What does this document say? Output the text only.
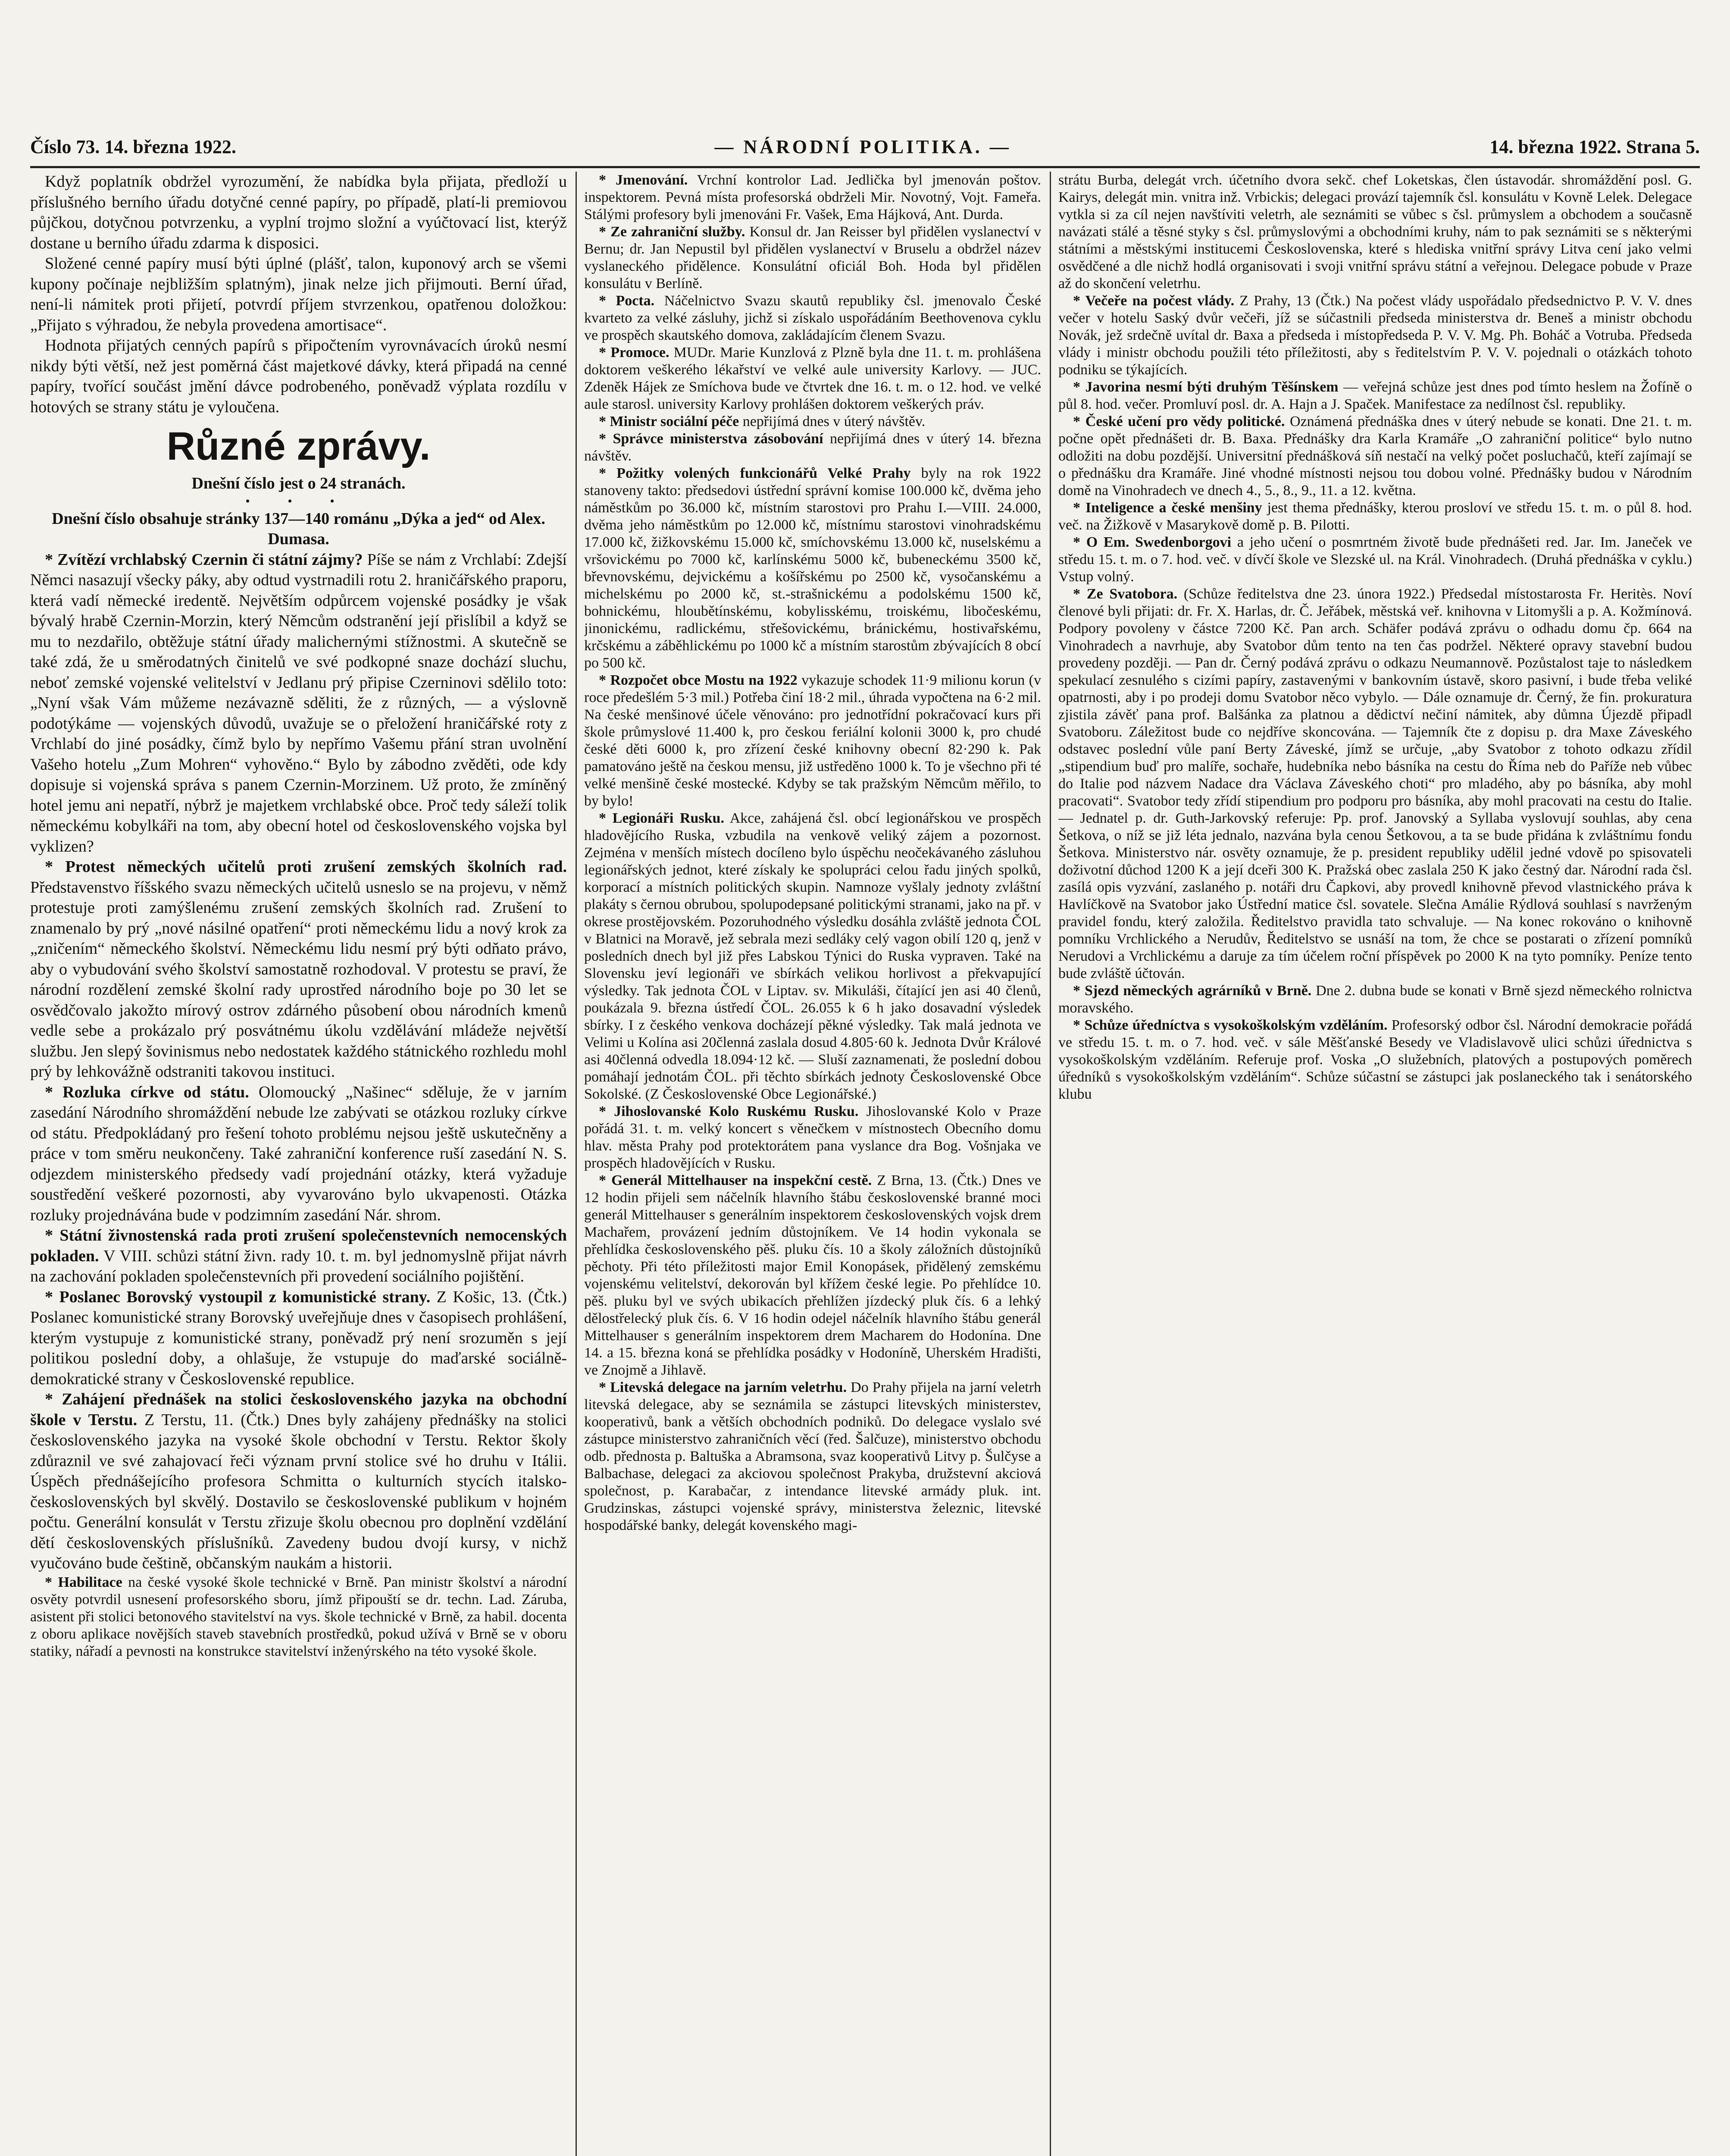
Číslo 73. 14. března 1922.	— NÁRODNÍ POLITIKA. —	14. března 1922. Strana 5.

Když poplatník obdržel vyrozumění, že nabídka byla přijata, předloží u příslušného berního úřadu dotyčné cenné papíry, po případě, platí-li premiovou půjčkou, dotyčnou potvrzenku, a vyplní trojmo složní a vyúčtovací list, kterýž dostane u berního úřadu zdarma k disposici.

Složené cenné papíry musí býti úplné (plášť, talon, kuponový arch se všemi kupony počínaje nejbližším splatným), jinak nelze jich přijmouti. Berní úřad, není-li námitek proti přijetí, potvrdí příjem stvrzenkou, opatřenou doložkou: „Přijato s výhradou, že nebyla provedena amortisace“.

Hodnota přijatých cenných papírů s připočtením vyrovnávacích úroků nesmí nikdy býti větší, než jest poměrná část majetkové dávky, která připadá na cenné papíry, tvořící součást jmění dávce podrobeného, poněvadž výplata rozdílu v hotových se strany státu je vyloučena.

Různé zprávy.

Dnešní číslo jest o 24 stranách.

• • •

Dnešní číslo obsahuje stránky 137—140 románu „Dýka a jed“ od Alex. Dumasa.

* Zvítězí vrchlabský Czernin či státní zájmy? Píše se nám z Vrchlabí: Zdejší Němci nasazují všecky páky, aby odtud vystrnadili rotu 2. hraničářského praporu, která vadí německé iredentě. Největším odpůrcem vojenské posádky je však bývalý hrabě Czernin-Morzin, který Němcům odstranění její přislíbil a když se mu to nezdařilo, obtěžuje státní úřady malichernými stížnostmi. A skutečně se také zdá, že u směrodatných činitelů ve své podkopné snaze dochází sluchu, neboť zemské vojenské velitelství v Jedlanu prý připise Czerninovi sdělilo toto: „Nyní však Vám můžeme nezávazně sděliti, že z různých, — a výslovně podotýkáme — vojenských důvodů, uvažuje se o přeložení hraničářské roty z Vrchlabí do jiné posádky, čímž bylo by nepřímo Vašemu přání stran uvolnění Vašeho hotelu „Zum Mohren“ vyhověno.“ Bylo by zábodno zvěděti, ode kdy dopisuje si vojenská správa s panem Czernin-Morzinem. Už proto, že zmíněný hotel jemu ani nepatří, nýbrž je majetkem vrchlabské obce. Proč tedy sáleží tolik německému kobylkáři na tom, aby obecní hotel od československého vojska byl vyklizen?

* Protest německých učitelů proti zrušení zemských školních rad. Představenstvo říšského svazu německých učitelů usneslo se na projevu, v němž protestuje proti zamýšlenému zrušení zemských školních rad. Zrušení to znamenalo by prý „nové násilné opatření“ proti německému lidu a nový krok za „zničením“ německého školství. Německému lidu nesmí prý býti odňato právo, aby o vybudování svého školství samostatně rozhodoval. V protestu se praví, že národní rozdělení zemské školní rady uprostřed národního boje po 30 let se osvědčovalo jakožto mírový ostrov zdárného působení obou národních kmenů vedle sebe a prokázalo prý posvátnému úkolu vzdělávání mládeže největší službu. Jen slepý šovinismus nebo nedostatek každého státnického rozhledu mohl prý by lehkovážně odstraniti takovou instituci.

* Rozluka církve od státu. Olomoucký „Našinec“ sděluje, že v jarním zasedání Národního shromáždění nebude lze zabývati se otázkou rozluky církve od státu. Předpokládaný pro řešení tohoto problému nejsou ještě uskutečněny a práce v tom směru neukončeny. Také zahraniční konference ruší zasedání N. S. odjezdem ministerského předsedy vadí projednání otázky, která vyžaduje soustředění veškeré pozornosti, aby vyvarováno bylo ukvapenosti. Otázka rozluky projednávána bude v podzimním zasedání Nár. shrom.

* Státní živnostenská rada proti zrušení společenstevních nemocenských pokladen. V VIII. schůzi státní živn. rady 10. t. m. byl jednomyslně přijat návrh na zachování pokladen společenstevních při provedení sociálního pojištění.

* Poslanec Borovský vystoupil z komunistické strany. Z Košic, 13. (Čtk.) Poslanec komunistické strany Borovský uveřejňuje dnes v časopisech prohlášení, kterým vystupuje z komunistické strany, poněvadž prý není srozuměn s její politikou poslední doby, a ohlašuje, že vstupuje do maďarské sociálně-demokratické strany v Československé republice.

* Zahájení přednášek na stolici československého jazyka na obchodní škole v Terstu. Z Terstu, 11. (Čtk.) Dnes byly zahájeny přednášky na stolici československého jazyka na vysoké škole obchodní v Terstu. Rektor školy zdůraznil ve své zahajovací řeči význam první stolice své ho druhu v Itálii. Úspěch přednášejícího profesora Schmitta o kulturních stycích italsko-československých byl skvělý. Dostavilo se československé publikum v hojném počtu. Generální konsulát v Terstu zřizuje školu obecnou pro doplnění vzdělání dětí československých příslušníků. Zavedeny budou dvojí kursy, v nichž vyučováno bude češtině, občanským naukám a historii.

* Habilitace na české vysoké škole technické v Brně. Pan ministr školství a národní osvěty potvrdil usnesení profesorského sboru, jímž připouští se dr. techn. Lad. Záruba, asistent při stolici betonového stavitelství na vys. škole technické v Brně, za habil. docenta z oboru aplikace novějších staveb stavebních prostředků, pokud užívá v Brně se v oboru statiky, nářadí a pevnosti na konstrukce stavitelství inženýrského na této vysoké škole.

* Jmenování. Vrchní kontrolor Lad. Jedlička byl jmenován poštov. inspektorem. Pevná místa profesorská obdrželi Mir. Novotný, Vojt. Fameřa. Stálými profesory byli jmenováni Fr. Vašek, Ema Hájková, Ant. Durda.

* Ze zahraniční služby. Konsul dr. Jan Reisser byl přidělen vyslanectví v Bernu; dr. Jan Nepustil byl přidělen vyslanectví v Bruselu a obdržel název vyslaneckého přidělence. Konsulátní oficiál Boh. Hoda byl přidělen konsulátu v Berlíně.

* Pocta. Náčelnictvo Svazu skautů republiky čsl. jmenovalo České kvarteto za velké zásluhy, jichž si získalo uspořádáním Beethovenova cyklu ve prospěch skautského domova, zakládajícím členem Svazu.

* Promoce. MUDr. Marie Kunzlová z Plzně byla dne 11. t. m. prohlášena doktorem veškerého lékařství ve velké aule university Karlovy. — JUC. Zdeněk Hájek ze Smíchova bude ve čtvrtek dne 16. t. m. o 12. hod. ve velké aule starosl. university Karlovy prohlášen doktorem veškerých práv.

* Ministr sociální péče nepřijímá dnes v úterý návštěv.

* Správce ministerstva zásobování nepřijímá dnes v úterý 14. března návštěv.

* Požitky volených funkcionářů Velké Prahy byly na rok 1922 stanoveny takto: předsedovi ústřední správní komise 100.000 kč, dvěma jeho náměstkům po 36.000 kč, místním starostovi pro Prahu I.—VIII. 24.000, dvěma jeho náměstkům po 12.000 kč, místnímu starostovi vinohradskému 17.000 kč, žižkovskému 15.000 kč, smíchovskému 13.000 kč, nuselskému a vršovickému po 7000 kč, karlínskému 5000 kč, bubeneckému 3500 kč, břevnovskému, dejvickému a košířskému po 2500 kč, vysočanskému a michelskému po 2000 kč, st.-strašnickému a podolskému 1500 kč, bohnickému, hloubětínskému, kobylisskému, troiskému, libočeskému, jinonickému, radlickému, střešovickému, bránickému, hostivařskému, krčskému a záběhlickému po 1000 kč a místním starostům zbývajících 8 obcí po 500 kč.

* Rozpočet obce Mostu na 1922 vykazuje schodek 11·9 milionu korun (v roce předešlém 5·3 mil.) Potřeba činí 18·2 mil., úhrada vypočtena na 6·2 mil. Na české menšinové účele věnováno: pro jednotřídní pokračovací kurs při škole průmyslové 11.400 k, pro českou feriální kolonii 3000 k, pro chudé české děti 6000 k, pro zřízení české knihovny obecní 82·290 k. Pak pamatováno ještě na českou mensu, již ustředěno 1000 k. To je všechno při té velké menšině české mostecké. Kdyby se tak pražským Němcům měřilo, to by bylo!

* Legionáři Rusku. Akce, zahájená čsl. obcí legionářskou ve prospěch hladovějícího Ruska, vzbudila na venkově veliký zájem a pozornost. Zejména v menších místech docíleno bylo úspěchu neočekávaného zásluhou legionářských jednot, které získaly ke spolupráci celou řadu jiných spolků, korporací a místních politických skupin. Namnoze vyšlaly jednoty zvláštní plakáty s černou obrubou, spolupodepsané politickými stranami, jako na př. v okrese prostějovském. Pozoruhodného výsledku dosáhla zvláště jednota ČOL v Blatnici na Moravě, jež sebrala mezi sedláky celý vagon obilí 120 q, jenž v posledních dnech byl již přes Labskou Týnici do Ruska vypraven. Také na Slovensku jeví legionáři ve sbírkách velikou horlivost a překvapující výsledky. Tak jednota ČOL v Liptav. sv. Mikuláši, čítající jen asi 40 členů, poukázala 9. března ústředí ČOL. 26.055 k 6 h jako dosavadní výsledek sbírky. I z českého venkova docházejí pěkné výsledky. Tak malá jednota ve Velimi u Kolína asi 20členná zaslala dosud 4.805·60 k. Jednota Dvůr Králové asi 40členná odvedla 18.094·12 kč. — Sluší zaznamenati, že poslední dobou pomáhají jednotám ČOL. při těchto sbírkách jednoty Československé Obce Sokolské. (Z Československé Obce Legionářské.)

* Jihoslovanské Kolo Ruskému Rusku. Jihoslovanské Kolo v Praze pořádá 31. t. m. velký koncert s věnečkem v místnostech Obecního domu hlav. města Prahy pod protektorátem pana vyslance dra Bog. Vošnjaka ve prospěch hladovějících v Rusku.

* Generál Mittelhauser na inspekční cestě. Z Brna, 13. (Čtk.) Dnes ve 12 hodin přijeli sem náčelník hlavního štábu československé branné moci generál Mittelhauser s generálním inspektorem československých vojsk drem Machařem, provázení jedním důstojníkem. Ve 14 hodin vykonala se přehlídka československého pěš. pluku čís. 10 a školy záložních důstojníků pěchoty. Při této příležitosti major Emil Konopásek, přidělený zemskému vojenskému velitelství, dekorován byl křížem české legie. Po přehlídce 10. pěš. pluku byl ve svých ubikacích přehlížen jízdecký pluk čís. 6 a lehký dělostřelecký pluk čís. 6. V 16 hodin odejel náčelník hlavního štábu generál Mittelhauser s generálním inspektorem drem Macharem do Hodonína. Dne 14. a 15. března koná se přehlídka posádky v Hodoníně, Uherském Hradišti, ve Znojmě a Jihlavě.

* Litevská delegace na jarním veletrhu. Do Prahy přijela na jarní veletrh litevská delegace, aby se seznámila se zástupci litevských ministerstev, kooperativů, bank a větších obchodních podniků. Do delegace vyslalo své zástupce ministerstvo zahraničních věcí (řed. Šalčuze), ministerstvo obchodu odb. přednosta p. Baltuška a Abramsona, svaz kooperativů Litvy p. Šulčyse a Balbachase, delegaci za akciovou společnost Prakyba, družstevní akciová společnost, p. Karabačar, z intendance litevské armády pluk. int. Grudzinskas, zástupci vojenské správy, ministerstva železnic, litevské hospodářské banky, delegát kovenského magi-

strátu Burba, delegát vrch. účetního dvora sekč. chef Loketskas, člen ústavodár. shromáždění posl. G. Kairys, delegát min. vnitra inž. Vrbickis; delegaci provází tajemník čsl. konsulátu v Kovně Lelek. Delegace vytkla si za cíl nejen navštíviti veletrh, ale seznámiti se vůbec s čsl. průmyslem a obchodem a současně navázati stálé a těsné styky s čsl. průmyslovými a obchodními kruhy, nám to pak seznámiti se s některými státními a městskými institucemi Československa, které s hlediska vnitřní správy Litva cení jako velmi osvědčené a dle nichž hodlá organisovati i svoji vnitřní správu státní a veřejnou. Delegace pobude v Praze až do skončení veletrhu.

* Večeře na počest vlády. Z Prahy, 13 (Čtk.) Na počest vlády uspořádalo předsednictvo P. V. V. dnes večer v hotelu Saský dvůr večeři, jíž se súčastnili předseda ministerstva dr. Beneš a ministr obchodu Novák, jež srdečně uvítal dr. Baxa a předseda i místopředseda P. V. V. Mg. Ph. Boháč a Votruba. Předseda vlády i ministr obchodu použili této příležitosti, aby s ředitelstvím P. V. V. pojednali o otázkách tohoto podniku se týkajících.

* Javorina nesmí býti druhým Těšínskem — veřejná schůze jest dnes pod tímto heslem na Žofíně o půl 8. hod. večer. Promluví posl. dr. A. Hajn a J. Spaček. Manifestace za nedílnost čsl. republiky.

* České učení pro vědy politické. Oznámená přednáška dnes v úterý nebude se konati. Dne 21. t. m. počne opět přednášeti dr. B. Baxa. Přednášky dra Karla Kramáře „O zahraniční politice“ bylo nutno odložiti na dobu pozdější. Universitní přednášková síň nestačí na velký počet posluchačů, kteří zajímají se o přednášku dra Kramáře. Jiné vhodné místnosti nejsou tou dobou volné. Přednášky budou v Národním domě na Vinohradech ve dnech 4., 5., 8., 9., 11. a 12. května.

* Inteligence a české menšiny jest thema přednášky, kterou prosloví ve středu 15. t. m. o půl 8. hod. več. na Žižkově v Masarykově domě p. B. Pilotti.

* O Em. Swedenborgovi a jeho učení o posmrtném životě bude přednášeti red. Jar. Im. Janeček ve středu 15. t. m. o 7. hod. več. v dívčí škole ve Slezské ul. na Král. Vinohradech. (Druhá přednáška v cyklu.) Vstup volný.

* Ze Svatobora. (Schůze ředitelstva dne 23. února 1922.) Předsedal místostarosta Fr. Heritès. Noví členové byli přijati: dr. Fr. X. Harlas, dr. Č. Jeřábek, městská veř. knihovna v Litomyšli a p. A. Kožmínová. Podpory povoleny v částce 7200 Kč. Pan arch. Schäfer podává zprávu o odhadu domu čp. 664 na Vinohradech a navrhuje, aby Svatobor dům tento na ten čas podržel. Některé opravy stavební budou provedeny později. — Pan dr. Černý podává zprávu o odkazu Neumannově. Pozůstalost taje to následkem spekulací zesnulého s cizími papíry, zastavenými v bankovním ústavě, skoro pasivní, i bude třeba veliké opatrnosti, aby i po prodeji domu Svatobor něco vybylo. — Dále oznamuje dr. Černý, že fin. prokuratura zjistila závěť pana prof. Balšánka za platnou a dědictví nečiní námitek, aby důmna Újezdě připadl Svatoboru. Záležitost bude co nejdříve skoncována. — Tajemník čte z dopisu p. dra Maxe Záveského odstavec poslední vůle paní Berty Záveské, jímž se určuje, „aby Svatobor z tohoto odkazu zřídil „stipendium buď pro malíře, sochaře, hudebníka nebo básníka na cestu do Říma neb do Paříže neb vůbec do Italie pod názvem Nadace dra Václava Záveského choti“ pro mladého, aby po básníka, aby mohl pracovati“. Svatobor tedy zřídí stipendium pro podporu pro básníka, aby mohl pracovati na cestu do Italie. — Jednatel p. dr. Guth-Jarkovský referuje: Pp. prof. Janovský a Syllaba vyslovují souhlas, aby cena Šetkova, o níž se již léta jednalo, nazvána byla cenou Šetkovou, a ta se bude přidána k zvláštnímu fondu Šetkova. Ministerstvo nár. osvěty oznamuje, že p. president republiky udělil jedné vdově po spisovateli doživotní důchod 1200 K a její dceři 300 K. Pražská obec zaslala 250 K jako čestný dar. Národní rada čsl. zasílá opis vyzvání, zaslaného p. notáři dru Čapkovi, aby provedl knihovně převod vlastnického práva k Havlíčkově na Svatobor jako Ústřední matice čsl. sovatele. Slečna Amálie Rýdlová souhlasí s navrženým pravidel fondu, který založila. Ředitelstvo pravidla tato schvaluje. — Na konec rokováno o knihovně pomníku Vrchlického a Nerudův, Ředitelstvo se usnáší na tom, že chce se postarati o zřízení pomníků Nerudovi a Vrchlickému a daruje za tím účelem roční příspěvek po 2000 K na tyto pomníky. Peníze tento bude zvláště účtován.

* Sjezd německých agrárníků v Brně. Dne 2. dubna bude se konati v Brně sjezd německého rolnictva moravského.

* Schůze úředníctva s vysokoškolským vzděláním. Profesorský odbor čsl. Národní demokracie pořádá ve středu 15. t. m. o 7. hod. več. v sále Měšťanské Besedy ve Vladislavově ulici schůzi úřednictva s vysokoškolským vzděláním. Referuje prof. Voska „O služebních, platových a postupových poměrech úředníků s vysokoškolským vzděláním“. Schůze súčastní se zástupci jak poslaneckého tak i senátorského klubu
